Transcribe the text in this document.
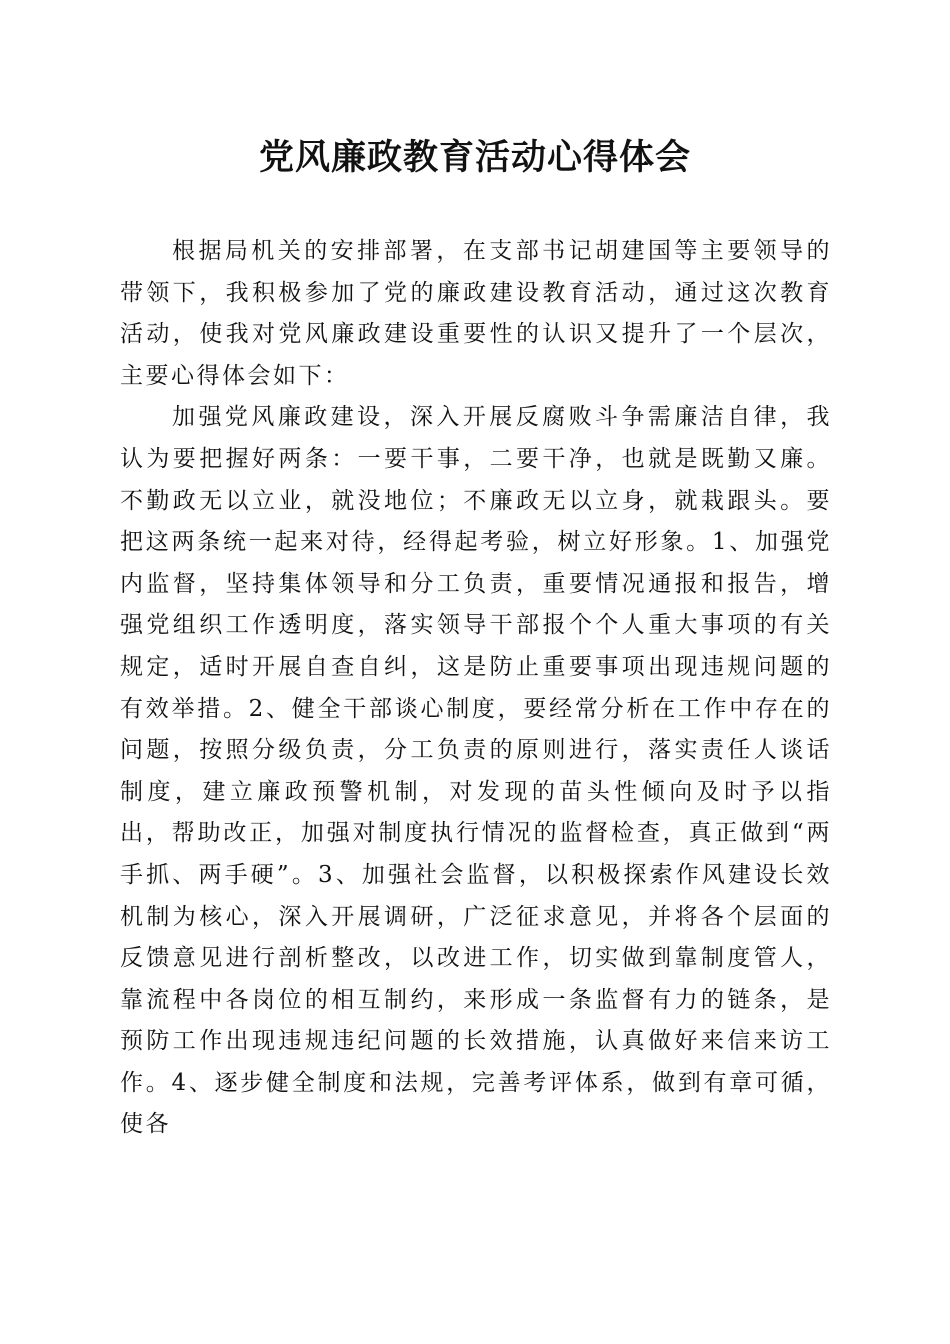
党风廉政教育活动心得体会

根据局机关的安排部署，在支部书记胡建国等主要领导的带领下，我积极参加了党的廉政建设教育活动，通过这次教育活动，使我对党风廉政建设重要性的认识又提升了一个层次，主要心得体会如下：

加强党风廉政建设，深入开展反腐败斗争需廉洁自律，我认为要把握好两条：一要干事，二要干净，也就是既勤又廉。不勤政无以立业，就没地位；不廉政无以立身，就栽跟头。要把这两条统一起来对待，经得起考验，树立好形象。1、加强党内监督，坚持集体领导和分工负责，重要情况通报和报告，增强党组织工作透明度，落实领导干部报个个人重大事项的有关规定，适时开展自查自纠，这是防止重要事项出现违规问题的有效举措。2、健全干部谈心制度，要经常分析在工作中存在的问题，按照分级负责，分工负责的原则进行，落实责任人谈话制度，建立廉政预警机制，对发现的苗头性倾向及时予以指出，帮助改正，加强对制度执行情况的监督检查，真正做到“两手抓、两手硬”。3、加强社会监督，以积极探索作风建设长效机制为核心，深入开展调研，广泛征求意见，并将各个层面的反馈意见进行剖析整改，以改进工作，切实做到靠制度管人，靠流程中各岗位的相互制约，来形成一条监督有力的链条，是预防工作出现违规违纪问题的长效措施，认真做好来信来访工作。4、逐步健全制度和法规，完善考评体系，做到有章可循，使各
